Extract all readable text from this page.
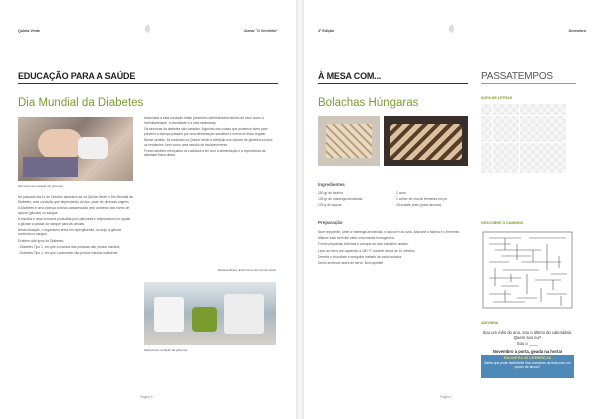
Quinta Verde	Jornal "O Verdinho"
EDUCAÇÃO PARA A SAÚDE
Dia Mundial da Diabetes
Momento da medição de glicemia

No passado dia 14 de Outubro assinalou-se na Quinta Verde o Dia Mundial da Diabetes, uma condição que dependendo do tipo, pode ter diversas origens.

A Diabetes é uma doença crónica caracterizada pelo aumento dos níveis de açúcar (glicose) no sangue.

A insulina é uma hormona produzida pelo pâncreas e responsável por ajudar a glicose a passar do sangue para as células.

Nesta situação, o organismo entra em hiperglicemia, ou seja, a glicose continua no sangue.

Existem dois tipos de Diabetes:

- Diabetes Tipo 1, em que a maioria das pessoas não produz insulina;

- Diabetes Tipo 2, em que o pâncreas não produz insulina suficiente.

Associada a esta condição estão presentes determinados fatores de risco como a hereditariedade, a obesidade e a vida sedentária.

Os sintomas da diabetes são variados. Algumas das coisas que podemos fazer para prevenir a doença passam por uma alimentação saudável e exercício físico regular.

Nesse sentido, foi realizado na Quinta Verde a medição dos valores de glicemia a todos os residentes, bem como uma sessão de esclarecimento.

Foram também reforçados os cuidados a ter com a alimentação e a importância da atividade física diária.

Mariana Brites, Enfermeira da Quinta Verde
Material de medição da glicemia
Página 6
3ª Edição	Dezembro
À MESA COM...
Bolachas Húngaras
Ingredientes

250 gr de farinha

125 gr de manteiga amolecida

125 g de açúcar

2 ovos

1 colher de chá de fermento em pó

Chocolate preto (para decorar)

Preparação

Num recipiente, junte a manteiga amolecida, o açúcar e os ovos. Adicione a farinha e o fermento.

Misture tudo bem até obter uma massa homogénea.

Forme pequenas bolinhas e coloque-as num tabuleiro untado.

Leve ao forno pré-aquecido a 180 ºC durante cerca de 10 minutos.

Derreta o chocolate e mergulhe metade de cada bolacha.

Deixe arrefecer antes de servir. Bom apetite!

Página 7
PASSATEMPOS
SOPA DE LETRAS
DESCOBRE O CAMINHO
ADIVINHA
Sou um mês do ano, sou o último do calendário. Quem sou eu?
Sou o ____
Novembro à porta, geada na horta!
ENCONTRA AS DIFERENÇAS
Sabia que pode facilmente tirar manchas de tinta com um pouco de álcool?
